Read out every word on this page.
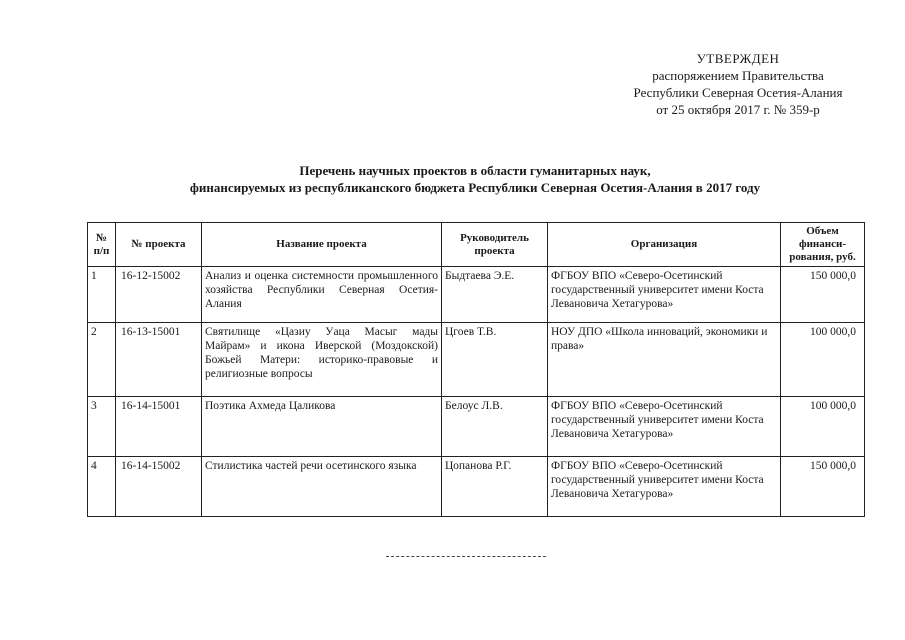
УТВЕРЖДЕН
распоряжением Правительства
Республики Северная Осетия-Алания
от 25 октября 2017 г. № 359-р
Перечень научных проектов в области гуманитарных наук,
финансируемых из республиканского бюджета Республики Северная Осетия-Алания в 2017 году
№ п/п	№ проекта	Название проекта	Руководитель проекта	Организация	Объем финанси-рования, руб.
1	16-12-15002	Анализ и оценка системности промышленного хозяйства Республики Северная Осетия-Алания	Быдтаева Э.Е.	ФГБОУ ВПО «Северо-Осетинский государственный университет имени Коста Левановича Хетагурова»	150 000,0
2	16-13-15001	Святилище «Цазиу Уаца Масыг мады Майрам» и икона Иверской (Моздокской) Божьей Матери: историко-правовые и религиозные вопросы	Цгоев Т.В.	НОУ ДПО «Школа инноваций, экономики и права»	100 000,0
3	16-14-15001	Поэтика Ахмеда Цаликова	Белоус Л.В.	ФГБОУ ВПО «Северо-Осетинский государственный университет имени Коста Левановича Хетагурова»	100 000,0
4	16-14-15002	Стилистика частей речи осетинского языка	Цопанова Р.Г.	ФГБОУ ВПО «Северо-Осетинский государственный университет имени Коста Левановича Хетагурова»	150 000,0
